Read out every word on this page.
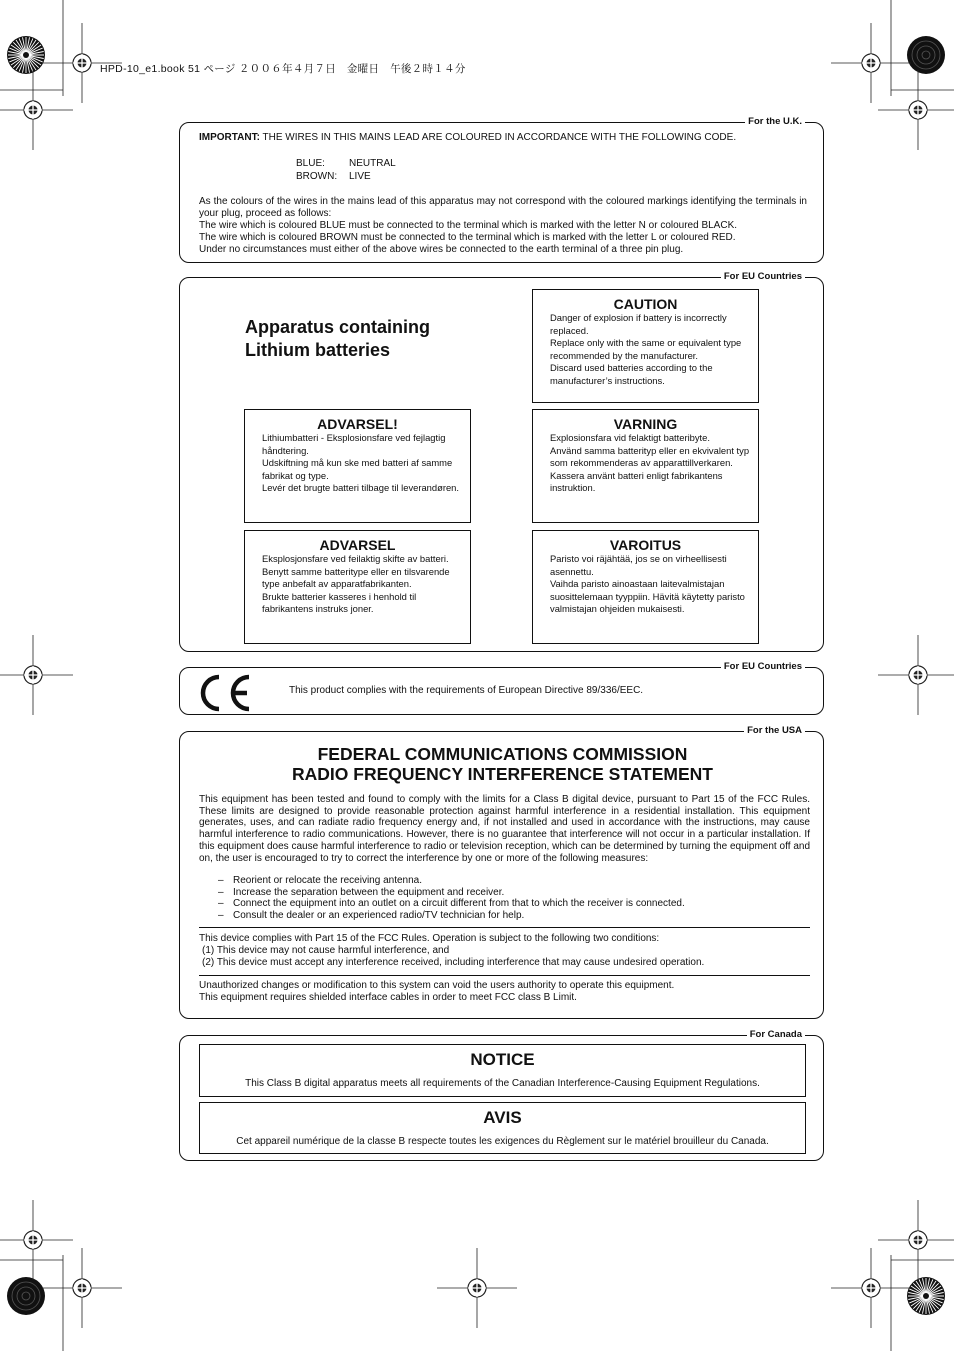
HPD-10_e1.book 51 ページ ２００６年４月７日　金曜日　午後２時１４分
For the U.K.
IMPORTANT: THE WIRES IN THIS MAINS LEAD ARE COLOURED IN ACCORDANCE WITH THE FOLLOWING CODE.
BLUE: NEUTRAL
BROWN: LIVE
As the colours of the wires in the mains lead of this apparatus may not correspond with the coloured markings identifying the terminals in your plug, proceed as follows:
The wire which is coloured BLUE must be connected to the terminal which is marked with the letter N or coloured BLACK.
The wire which is coloured BROWN must be connected to the terminal which is marked with the letter L or coloured RED.
Under no circumstances must either of the above wires be connected to the earth terminal of a three pin plug.
For EU Countries
Apparatus containing Lithium batteries
CAUTION
Danger of explosion if battery is incorrectly replaced.
Replace only with the same or equivalent type recommended by the manufacturer.
Discard used batteries according to the manufacturer’s instructions.
ADVARSEL!
Lithiumbatteri - Eksplosionsfare ved fejlagtig håndtering.
Udskiftning må kun ske med batteri af samme fabrikat og type.
Levér det brugte batteri tilbage til leverandøren.
VARNING
Explosionsfara vid felaktigt batteribyte.
Använd samma batterityp eller en ekvivalent typ som rekommenderas av apparattillverkaren.
Kassera använt batteri enligt fabrikantens instruktion.
ADVARSEL
Eksplosjonsfare ved feilaktig skifte av batteri.
Benytt samme batteritype eller en tilsvarende type anbefalt av apparatfabrikanten.
Brukte batterier kasseres i henhold til fabrikantens instruks joner.
VAROITUS
Paristo voi räjähtää, jos se on virheellisesti asennettu.
Vaihda paristo ainoastaan laitevalmistajan suosittelemaan tyyppiin. Hävitä käytetty paristo valmistajan ohjeiden mukaisesti.
For EU Countries
This product complies with the requirements of European Directive 89/336/EEC.
For the USA
FEDERAL COMMUNICATIONS COMMISSION
RADIO FREQUENCY INTERFERENCE STATEMENT
This equipment has been tested and found to comply with the limits for a Class B digital device, pursuant to Part 15 of the FCC Rules. These limits are designed to provide reasonable protection against harmful interference in a residential installation. This equipment generates, uses, and can radiate radio frequency energy and, if not installed and used in accordance with the instructions, may cause harmful interference to radio communications. However, there is no guarantee that interference will not occur in a particular installation. If this equipment does cause harmful interference to radio or television reception, which can be determined by turning the equipment off and on, the user is encouraged to try to correct the interference by one or more of the following measures:
– Reorient or relocate the receiving antenna.
– Increase the separation between the equipment and receiver.
– Connect the equipment into an outlet on a circuit different from that to which the receiver is connected.
– Consult the dealer or an experienced radio/TV technician for help.
This device complies with Part 15 of the FCC Rules. Operation is subject to the following two conditions:
(1) This device may not cause harmful interference, and
(2) This device must accept any interference received, including interference that may cause undesired operation.
Unauthorized changes or modification to this system can void the users authority to operate this equipment.
This equipment requires shielded interface cables in order to meet FCC class B Limit.
For Canada
NOTICE
This Class B digital apparatus meets all requirements of the Canadian Interference-Causing Equipment Regulations.
AVIS
Cet appareil numérique de la classe B respecte toutes les exigences du Règlement sur le matériel brouilleur du Canada.
